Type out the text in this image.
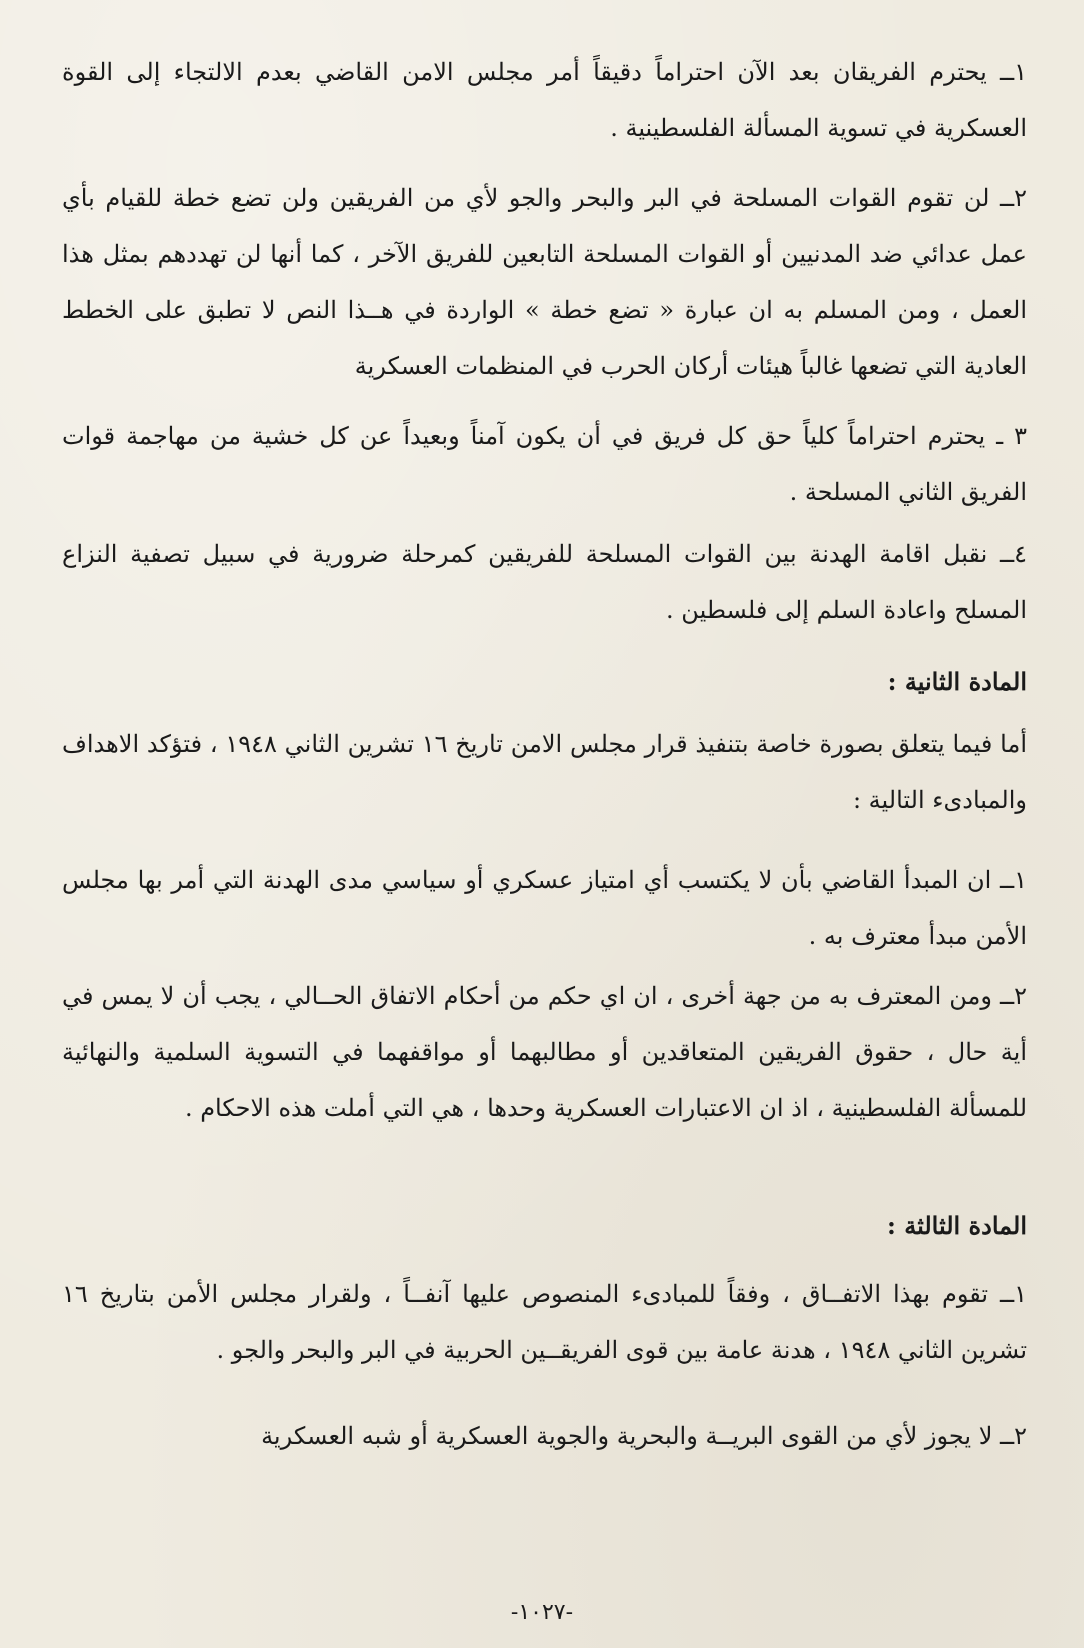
١ــ يحترم الفريقان بعد الآن احتراماً دقيقاً أمر مجلس الامن القاضي بعدم الالتجاء إلى القوة العسكرية في تسوية المسألة الفلسطينية .

٢ــ لن تقوم القوات المسلحة في البر والبحر والجو لأي من الفريقين ولن تضع خطة للقيام بأي عمل عدائي ضد المدنيين أو القوات المسلحة التابعين للفريق الآخر ، كما أنها لن تهددهم بمثل هذا العمل ، ومن المسلم به ان عبارة « تضع خطة » الواردة في هــذا النص لا تطبق على الخطط العادية التي تضعها غالباً هيئات أركان الحرب في المنظمات العسكرية

٣ ـ يحترم احتراماً كلياً حق كل فريق في أن يكون آمناً وبعيداً عن كل خشية من مهاجمة قوات الفريق الثاني المسلحة .

٤ــ نقبل اقامة الهدنة بين القوات المسلحة للفريقين كمرحلة ضرورية في سبيل تصفية النزاع المسلح واعادة السلم إلى فلسطين .

المادة الثانية :

أما فيما يتعلق بصورة خاصة بتنفيذ قرار مجلس الامن تاريخ ١٦ تشرين الثاني ١٩٤٨ ، فتؤكد الاهداف والمبادىء التالية :

١ــ ان المبدأ القاضي بأن لا يكتسب أي امتياز عسكري أو سياسي مدى الهدنة التي أمر بها مجلس الأمن مبدأ معترف به .

٢ــ ومن المعترف به من جهة أخرى ، ان اي حكم من أحكام الاتفاق الحــالي ، يجب أن لا يمس في أية حال ، حقوق الفريقين المتعاقدين أو مطالبهما أو مواقفهما في التسوية السلمية والنهائية للمسألة الفلسطينية ، اذ ان الاعتبارات العسكرية وحدها ، هي التي أملت هذه الاحكام .

المادة الثالثة :

١ــ تقوم بهذا الاتفــاق ، وفقاً للمبادىء المنصوص عليها آنفــاً ، ولقرار مجلس الأمن بتاريخ ١٦ تشرين الثاني ١٩٤٨ ، هدنة عامة بين قوى الفريقــين الحربية في البر والبحر والجو .

٢ــ لا يجوز لأي من القوى البريــة والبحرية والجوية العسكرية أو شبه العسكرية

-١٠٢٧-
